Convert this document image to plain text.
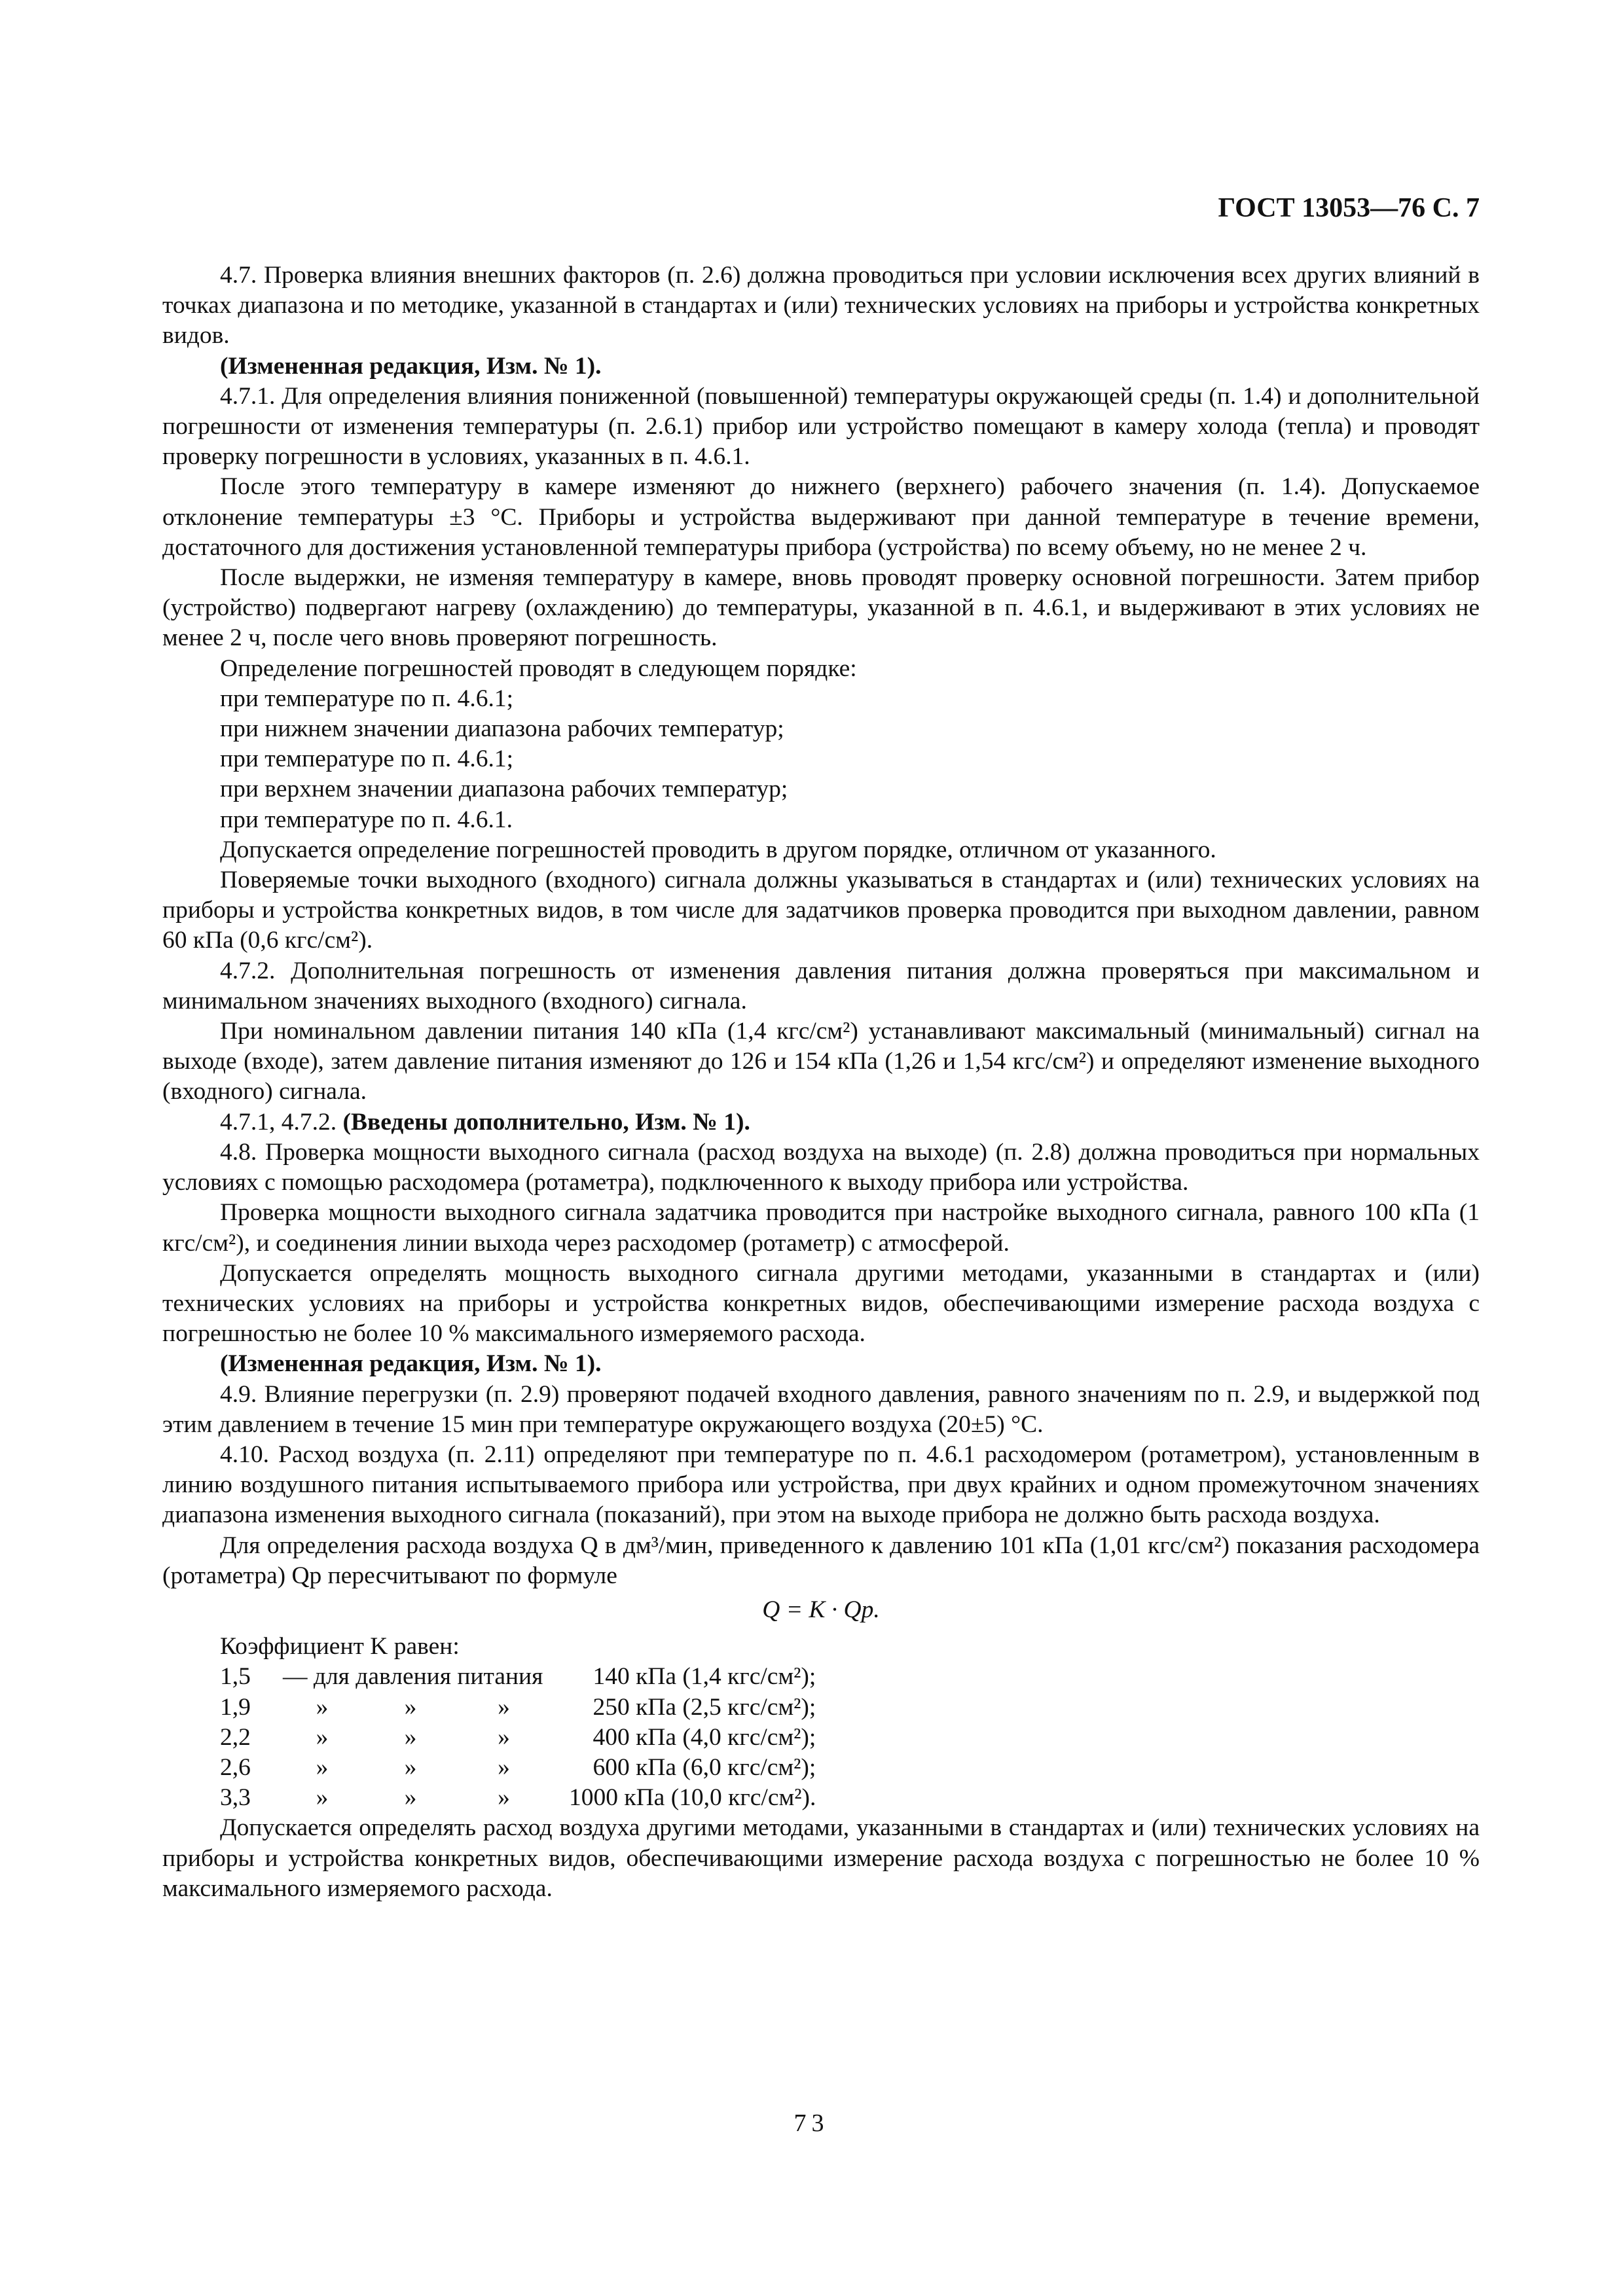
ГОСТ 13053—76 С. 7

4.7. Проверка влияния внешних факторов (п. 2.6) должна проводиться при условии исключения всех других влияний в точках диапазона и по методике, указанной в стандартах и (или) технических условиях на приборы и устройства конкретных видов.

(Измененная редакция, Изм. № 1).

4.7.1. Для определения влияния пониженной (повышенной) температуры окружающей среды (п. 1.4) и дополнительной погрешности от изменения температуры (п. 2.6.1) прибор или устройство помещают в камеру холода (тепла) и проводят проверку погрешности в условиях, указанных в п. 4.6.1.

После этого температуру в камере изменяют до нижнего (верхнего) рабочего значения (п. 1.4). Допускаемое отклонение температуры ±3 °С. Приборы и устройства выдерживают при данной температуре в течение времени, достаточного для достижения установленной температуры прибора (устройства) по всему объему, но не менее 2 ч.

После выдержки, не изменяя температуру в камере, вновь проводят проверку основной погрешности. Затем прибор (устройство) подвергают нагреву (охлаждению) до температуры, указанной в п. 4.6.1, и выдерживают в этих условиях не менее 2 ч, после чего вновь проверяют погрешность.

Определение погрешностей проводят в следующем порядке:

при температуре по п. 4.6.1;

при нижнем значении диапазона рабочих температур;

при температуре по п. 4.6.1;

при верхнем значении диапазона рабочих температур;

при температуре по п. 4.6.1.

Допускается определение погрешностей проводить в другом порядке, отличном от указанного.

Поверяемые точки выходного (входного) сигнала должны указываться в стандартах и (или) технических условиях на приборы и устройства конкретных видов, в том числе для задатчиков проверка проводится при выходном давлении, равном 60 кПа (0,6 кгс/см²).

4.7.2. Дополнительная погрешность от изменения давления питания должна проверяться при максимальном и минимальном значениях выходного (входного) сигнала.

При номинальном давлении питания 140 кПа (1,4 кгс/см²) устанавливают максимальный (минимальный) сигнал на выходе (входе), затем давление питания изменяют до 126 и 154 кПа (1,26 и 1,54 кгс/см²) и определяют изменение выходного (входного) сигнала.

4.7.1, 4.7.2. (Введены дополнительно, Изм. № 1).

4.8. Проверка мощности выходного сигнала (расход воздуха на выходе) (п. 2.8) должна проводиться при нормальных условиях с помощью расходомера (ротаметра), подключенного к выходу прибора или устройства.

Проверка мощности выходного сигнала задатчика проводится при настройке выходного сигнала, равного 100 кПа (1 кгс/см²), и соединения линии выхода через расходомер (ротаметр) с атмосферой.

Допускается определять мощность выходного сигнала другими методами, указанными в стандартах и (или) технических условиях на приборы и устройства конкретных видов, обеспечивающими измерение расхода воздуха с погрешностью не более 10 % максимального измеряемого расхода.

(Измененная редакция, Изм. № 1).

4.9. Влияние перегрузки (п. 2.9) проверяют подачей входного давления, равного значениям по п. 2.9, и выдержкой под этим давлением в течение 15 мин при температуре окружающего воздуха (20±5) °С.

4.10. Расход воздуха (п. 2.11) определяют при температуре по п. 4.6.1 расходомером (ротаметром), установленным в линию воздушного питания испытываемого прибора или устройства, при двух крайних и одном промежуточном значениях диапазона изменения выходного сигнала (показаний), при этом на выходе прибора не должно быть расхода воздуха.

Для определения расхода воздуха Q в дм³/мин, приведенного к давлению 101 кПа (1,01 кгс/см²) показания расходомера (ротаметра) Qр пересчитывают по формуле

Q = K · Qр.

Коэффициент K равен:

1,5	— для давления питания			140 кПа (1,4 кгс/см²);
1,9	»	»	»	250 кПа (2,5 кгс/см²);
2,2	»	»	»	400 кПа (4,0 кгс/см²);
2,6	»	»	»	600 кПа (6,0 кгс/см²);
3,3	»	»	»	1000 кПа (10,0 кгс/см²).

Допускается определять расход воздуха другими методами, указанными в стандартах и (или) технических условиях на приборы и устройства конкретных видов, обеспечивающими измерение расхода воздуха с погрешностью не более 10 % максимального измеряемого расхода.

73
